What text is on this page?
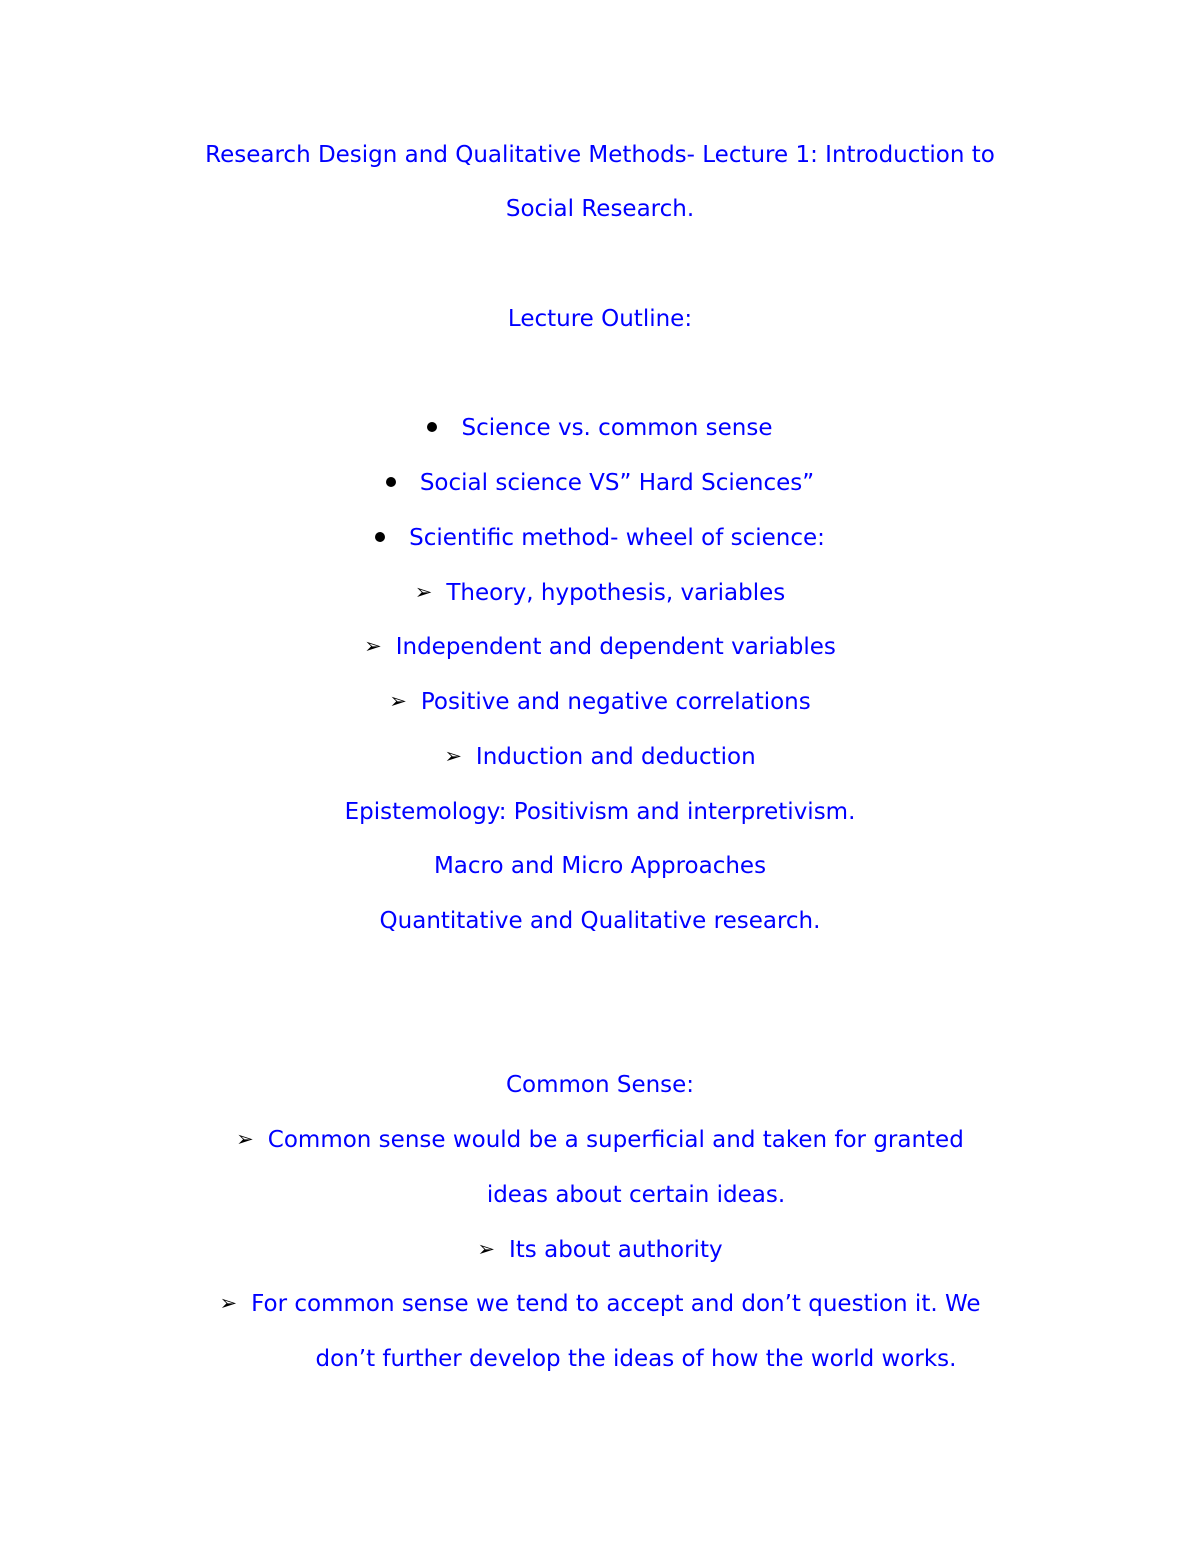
Research Design and Qualitative Methods- Lecture 1: Introduction to
Social Research.
Lecture Outline:
Science vs. common sense
Social science VS” Hard Sciences”
Scientific method- wheel of science:
➢ Theory, hypothesis, variables
➢ Independent and dependent variables
➢ Positive and negative correlations
➢ Induction and deduction
Epistemology: Positivism and interpretivism.
Macro and Micro Approaches
Quantitative and Qualitative research.
Common Sense:
➢ Common sense would be a superficial and taken for granted
ideas about certain ideas.
➢ Its about authority
➢ For common sense we tend to accept and don’t question it. We
don’t further develop the ideas of how the world works.
